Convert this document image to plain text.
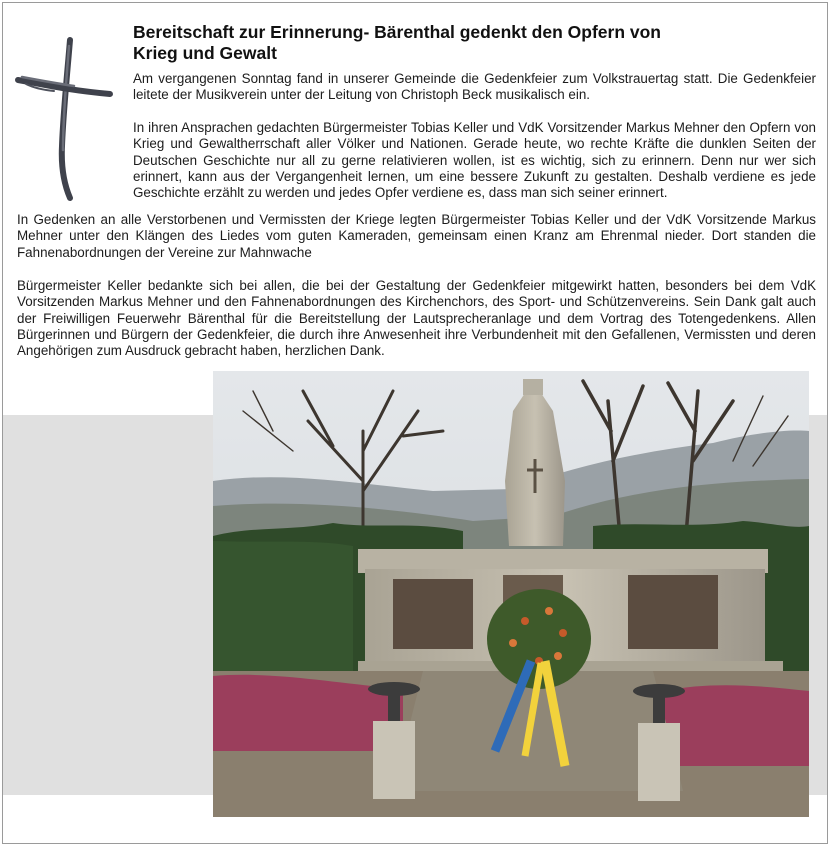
Bereitschaft zur Erinnerung- Bärenthal gedenkt den Opfern von Krieg und Gewalt

Am vergangenen Sonntag fand in unserer Gemeinde die Gedenkfeier zum Volkstrauertag statt. Die Gedenkfeier leitete der Musikverein unter der Leitung von Christoph Beck musikalisch ein.

In ihren Ansprachen gedachten Bürgermeister Tobias Keller und VdK Vorsitzender Markus Mehner den Opfern von Krieg und Gewaltherrschaft aller Völker und Nationen. Gerade heute, wo rechte Kräfte die dunklen Seiten der Deutschen Geschichte nur all zu gerne relativieren wollen, ist es wichtig, sich zu erinnern. Denn nur wer sich erinnert, kann aus der Vergangenheit lernen, um eine bessere Zukunft zu gestalten. Deshalb verdiene es jede Geschichte erzählt zu werden und jedes Opfer verdiene es, dass man sich seiner erinnert.

In Gedenken an alle Verstorbenen und Vermissten der Kriege legten Bürgermeister Tobias Keller und der VdK Vorsitzende Markus Mehner unter den Klängen des Liedes vom guten Kameraden, gemeinsam einen Kranz am Ehrenmal nieder. Dort standen die Fahnenabordnungen der Vereine zur Mahnwache

Bürgermeister Keller bedankte sich bei allen, die bei der Gestaltung der Gedenkfeier mitgewirkt hatten, besonders bei dem VdK Vorsitzenden Markus Mehner und den Fahnenabordnungen des Kirchenchors, des Sport- und Schützenvereins. Sein Dank galt auch der Freiwilligen Feuerwehr Bärenthal für die Bereitstellung der Lautsprecheranlage und dem Vortrag des Totengedenkens. Allen Bürgerinnen und Bürgern der Gedenkfeier, die durch ihre Anwesenheit ihre Verbundenheit mit den Gefallenen, Vermissten und deren Angehörigen zum Ausdruck gebracht haben, herzlichen Dank.
